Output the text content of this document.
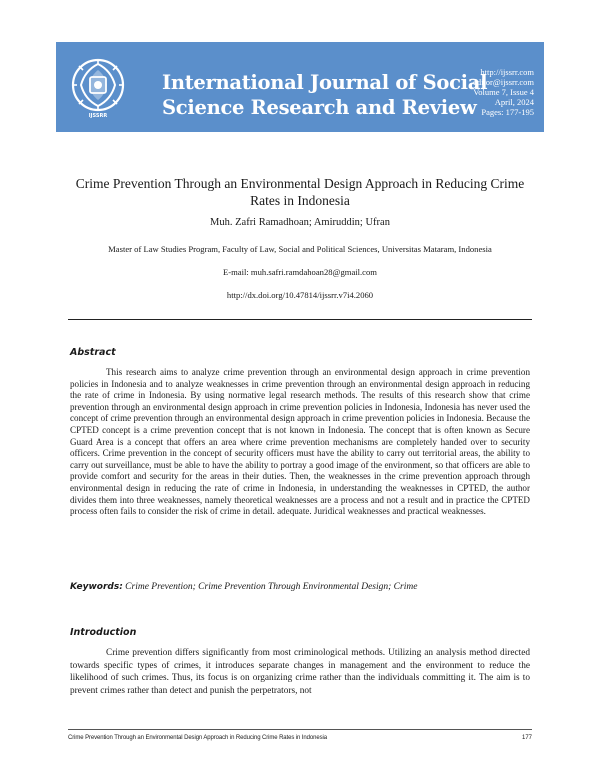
IJSSRR
International Journal of Social
Science Research and Review
http://ijssrr.com
editor@ijssrr.com
Volume 7, Issue 4
April, 2024
Pages: 177-195
Crime Prevention Through an Environmental Design Approach in Reducing Crime
Rates in Indonesia
Muh. Zafri Ramadhoan; Amiruddin; Ufran
Master of Law Studies Program, Faculty of Law, Social and Political Sciences, Universitas Mataram, Indonesia
E-mail: muh.safri.ramdahoan28@gmail.com
http://dx.doi.org/10.47814/ijssrr.v7i4.2060
Abstract

This research aims to analyze crime prevention through an environmental design approach in crime prevention policies in Indonesia and to analyze weaknesses in crime prevention through an environmental design approach in reducing the rate of crime in Indonesia. By using normative legal research methods. The results of this research show that crime prevention through an environmental design approach in crime prevention policies in Indonesia, Indonesia has never used the concept of crime prevention through an environmental design approach in crime prevention policies in Indonesia. Because the CPTED concept is a crime prevention concept that is not known in Indonesia. The concept that is often known as Secure Guard Area is a concept that offers an area where crime prevention mechanisms are completely handed over to security officers. Crime prevention in the concept of security officers must have the ability to carry out territorial areas, the ability to carry out surveillance, must be able to have the ability to portray a good image of the environment, so that officers are able to provide comfort and security for the areas in their duties. Then, the weaknesses in the crime prevention approach through environmental design in reducing the rate of crime in Indonesia, in understanding the weaknesses in CPTED, the author divides them into three weaknesses, namely theoretical weaknesses are a process and not a result and in practice the CPTED process often fails to consider the risk of crime in detail. adequate. Juridical weaknesses and practical weaknesses.

Keywords: Crime Prevention; Crime Prevention Through Environmental Design; Crime
Introduction

Crime prevention differs significantly from most criminological methods. Utilizing an analysis method directed towards specific types of crimes, it introduces separate changes in management and the environment to reduce the likelihood of such crimes. Thus, its focus is on organizing crime rather than the individuals committing it. The aim is to prevent crimes rather than detect and punish the perpetrators, not

Crime Prevention Through an Environmental Design Approach in Reducing Crime Rates in Indonesia	177
